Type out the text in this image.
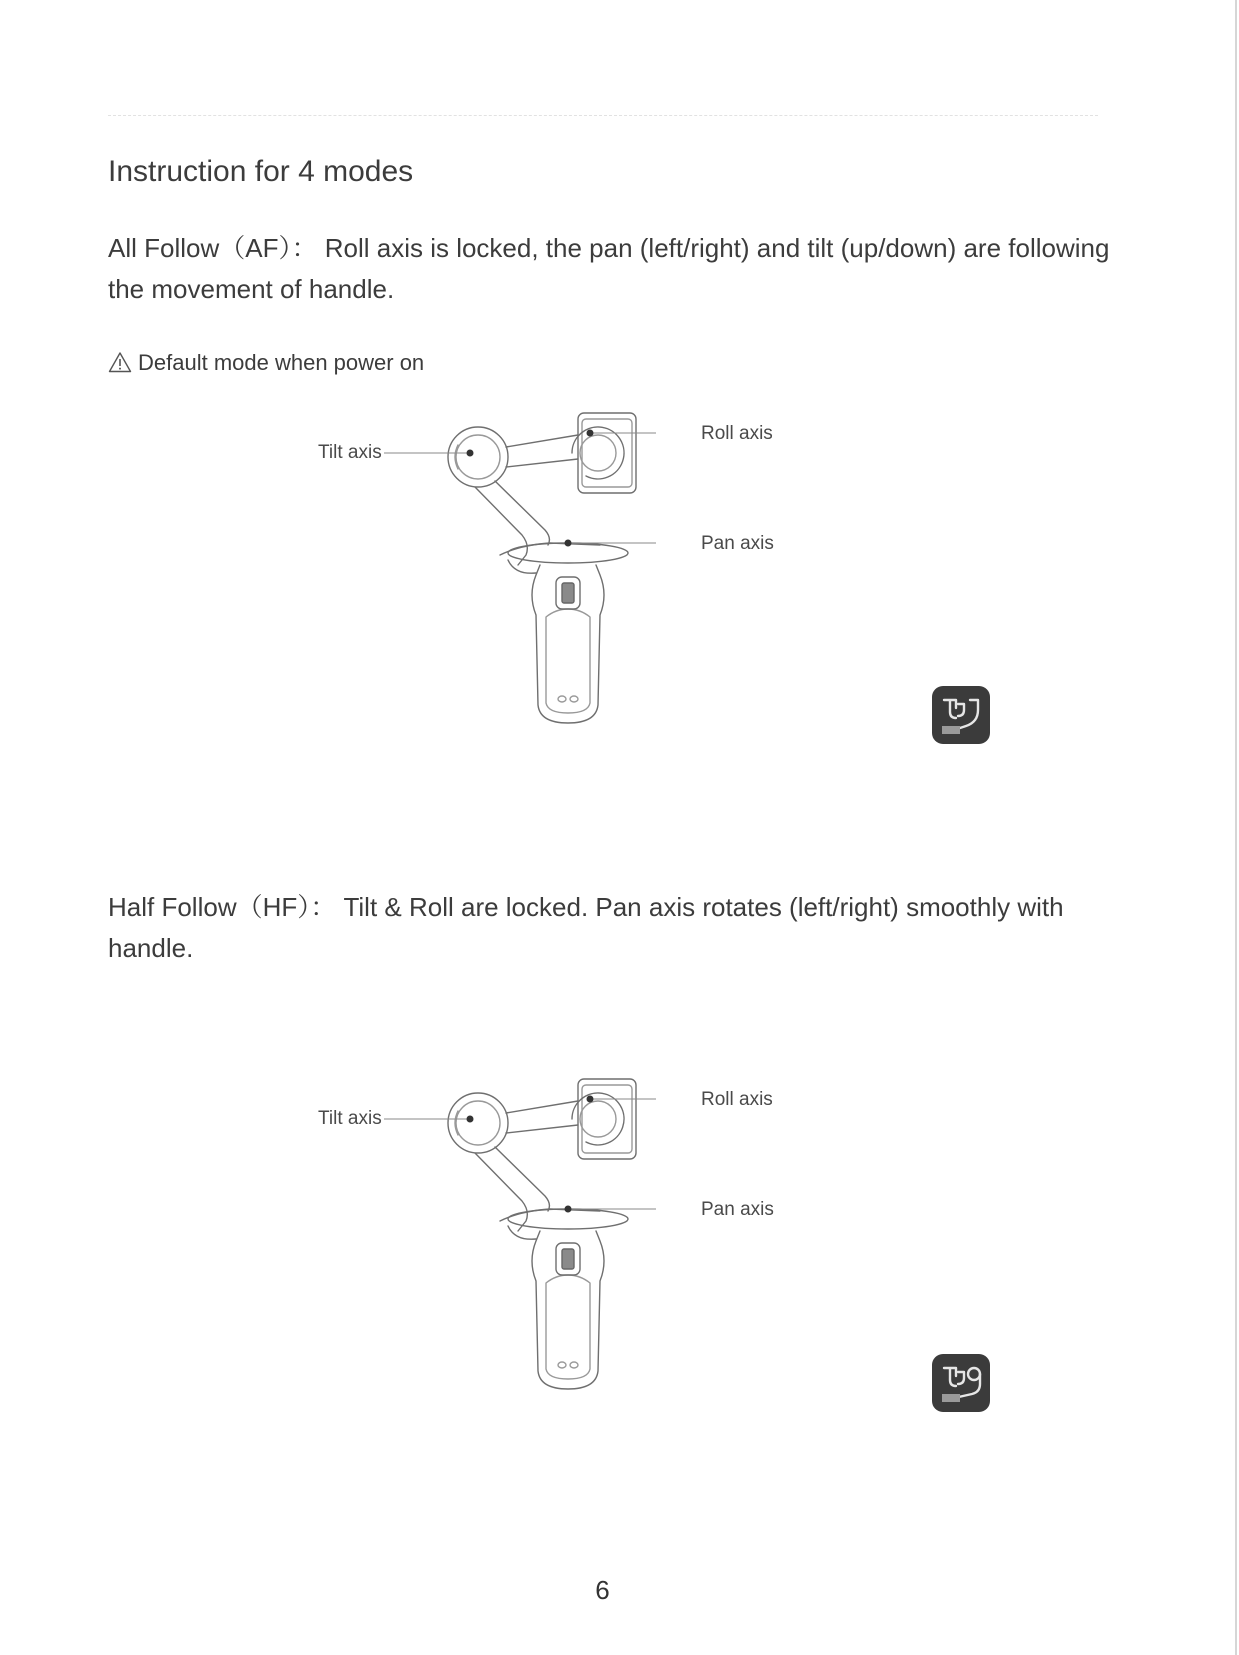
Instruction for 4 modes
All Follow（AF）： Roll axis is locked, the pan (left/right) and tilt (up/down) are following the movement of handle.
Default mode when power on
Tilt axis
Roll axis
Pan axis
Half Follow（HF）： Tilt & Roll are locked. Pan axis rotates (left/right) smoothly with handle.
Tilt axis
Roll axis
Pan axis
6
